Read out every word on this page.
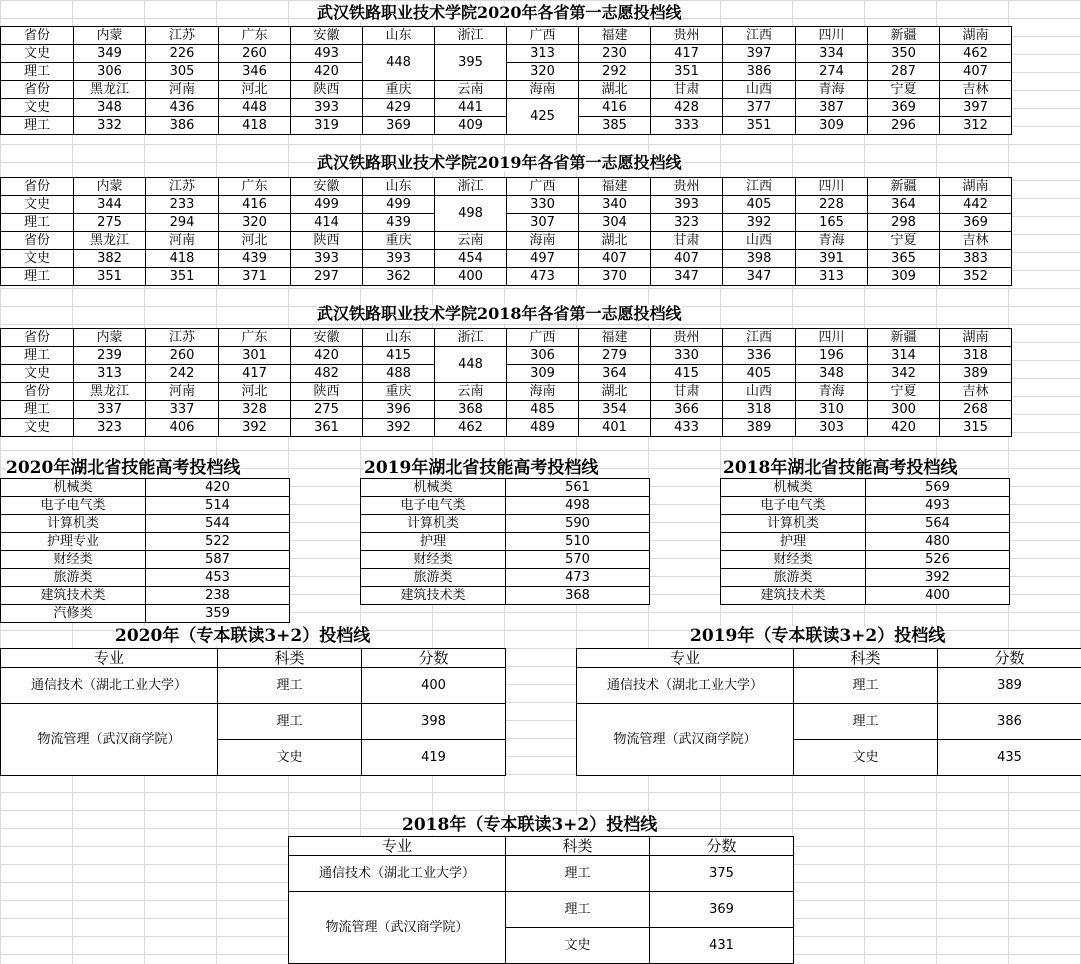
武汉铁路职业技术学院2020年各省第一志愿投档线
省份	内蒙	江苏	广东	安徽	山东	浙江	广西	福建	贵州	江西	四川	新疆	湖南
文史	349	226	260	493	448	395	313	230	417	397	334	350	462
理工	306	305	346	420			320	292	351	386	274	287	407
省份	黑龙江	河南	河北	陕西	重庆	云南	海南	湖北	甘肃	山西	青海	宁夏	吉林
文史	348	436	448	393	429	441	425	416	428	377	387	369	397
理工	332	386	418	319	369	409		385	333	351	309	296	312
武汉铁路职业技术学院2019年各省第一志愿投档线
省份	内蒙	江苏	广东	安徽	山东	浙江	广西	福建	贵州	江西	四川	新疆	湖南
文史	344	233	416	499	499	498	330	340	393	405	228	364	442
理工	275	294	320	414	439		307	304	323	392	165	298	369
省份	黑龙江	河南	河北	陕西	重庆	云南	海南	湖北	甘肃	山西	青海	宁夏	吉林
文史	382	418	439	393	393	454	497	407	407	398	391	365	383
理工	351	351	371	297	362	400	473	370	347	347	313	309	352
武汉铁路职业技术学院2018年各省第一志愿投档线
省份	内蒙	江苏	广东	安徽	山东	浙江	广西	福建	贵州	江西	四川	新疆	湖南
理工	239	260	301	420	415	448	306	279	330	336	196	314	318
文史	313	242	417	482	488		309	364	415	405	348	342	389
省份	黑龙江	河南	河北	陕西	重庆	云南	海南	湖北	甘肃	山西	青海	宁夏	吉林
理工	337	337	328	275	396	368	485	354	366	318	310	300	268
文史	323	406	392	361	392	462	489	401	433	389	303	420	315
2020年湖北省技能高考投档线
机械类	420
电子电气类	514
计算机类	544
护理专业	522
财经类	587
旅游类	453
建筑技术类	238
汽修类	359
2019年湖北省技能高考投档线
机械类	561
电子电气类	498
计算机类	590
护理	510
财经类	570
旅游类	473
建筑技术类	368
2018年湖北省技能高考投档线
机械类	569
电子电气类	493
计算机类	564
护理	480
财经类	526
旅游类	392
建筑技术类	400
2020年（专本联读3+2）投档线
专业	科类	分数
通信技术（湖北工业大学）	理工	400
物流管理（武汉商学院）	理工	398
	文史	419
2019年（专本联读3+2）投档线
专业	科类	分数
通信技术（湖北工业大学）	理工	389
物流管理（武汉商学院）	理工	386
	文史	435
2018年（专本联读3+2）投档线
专业	科类	分数
通信技术（湖北工业大学）	理工	375
物流管理（武汉商学院）	理工	369
	文史	431
